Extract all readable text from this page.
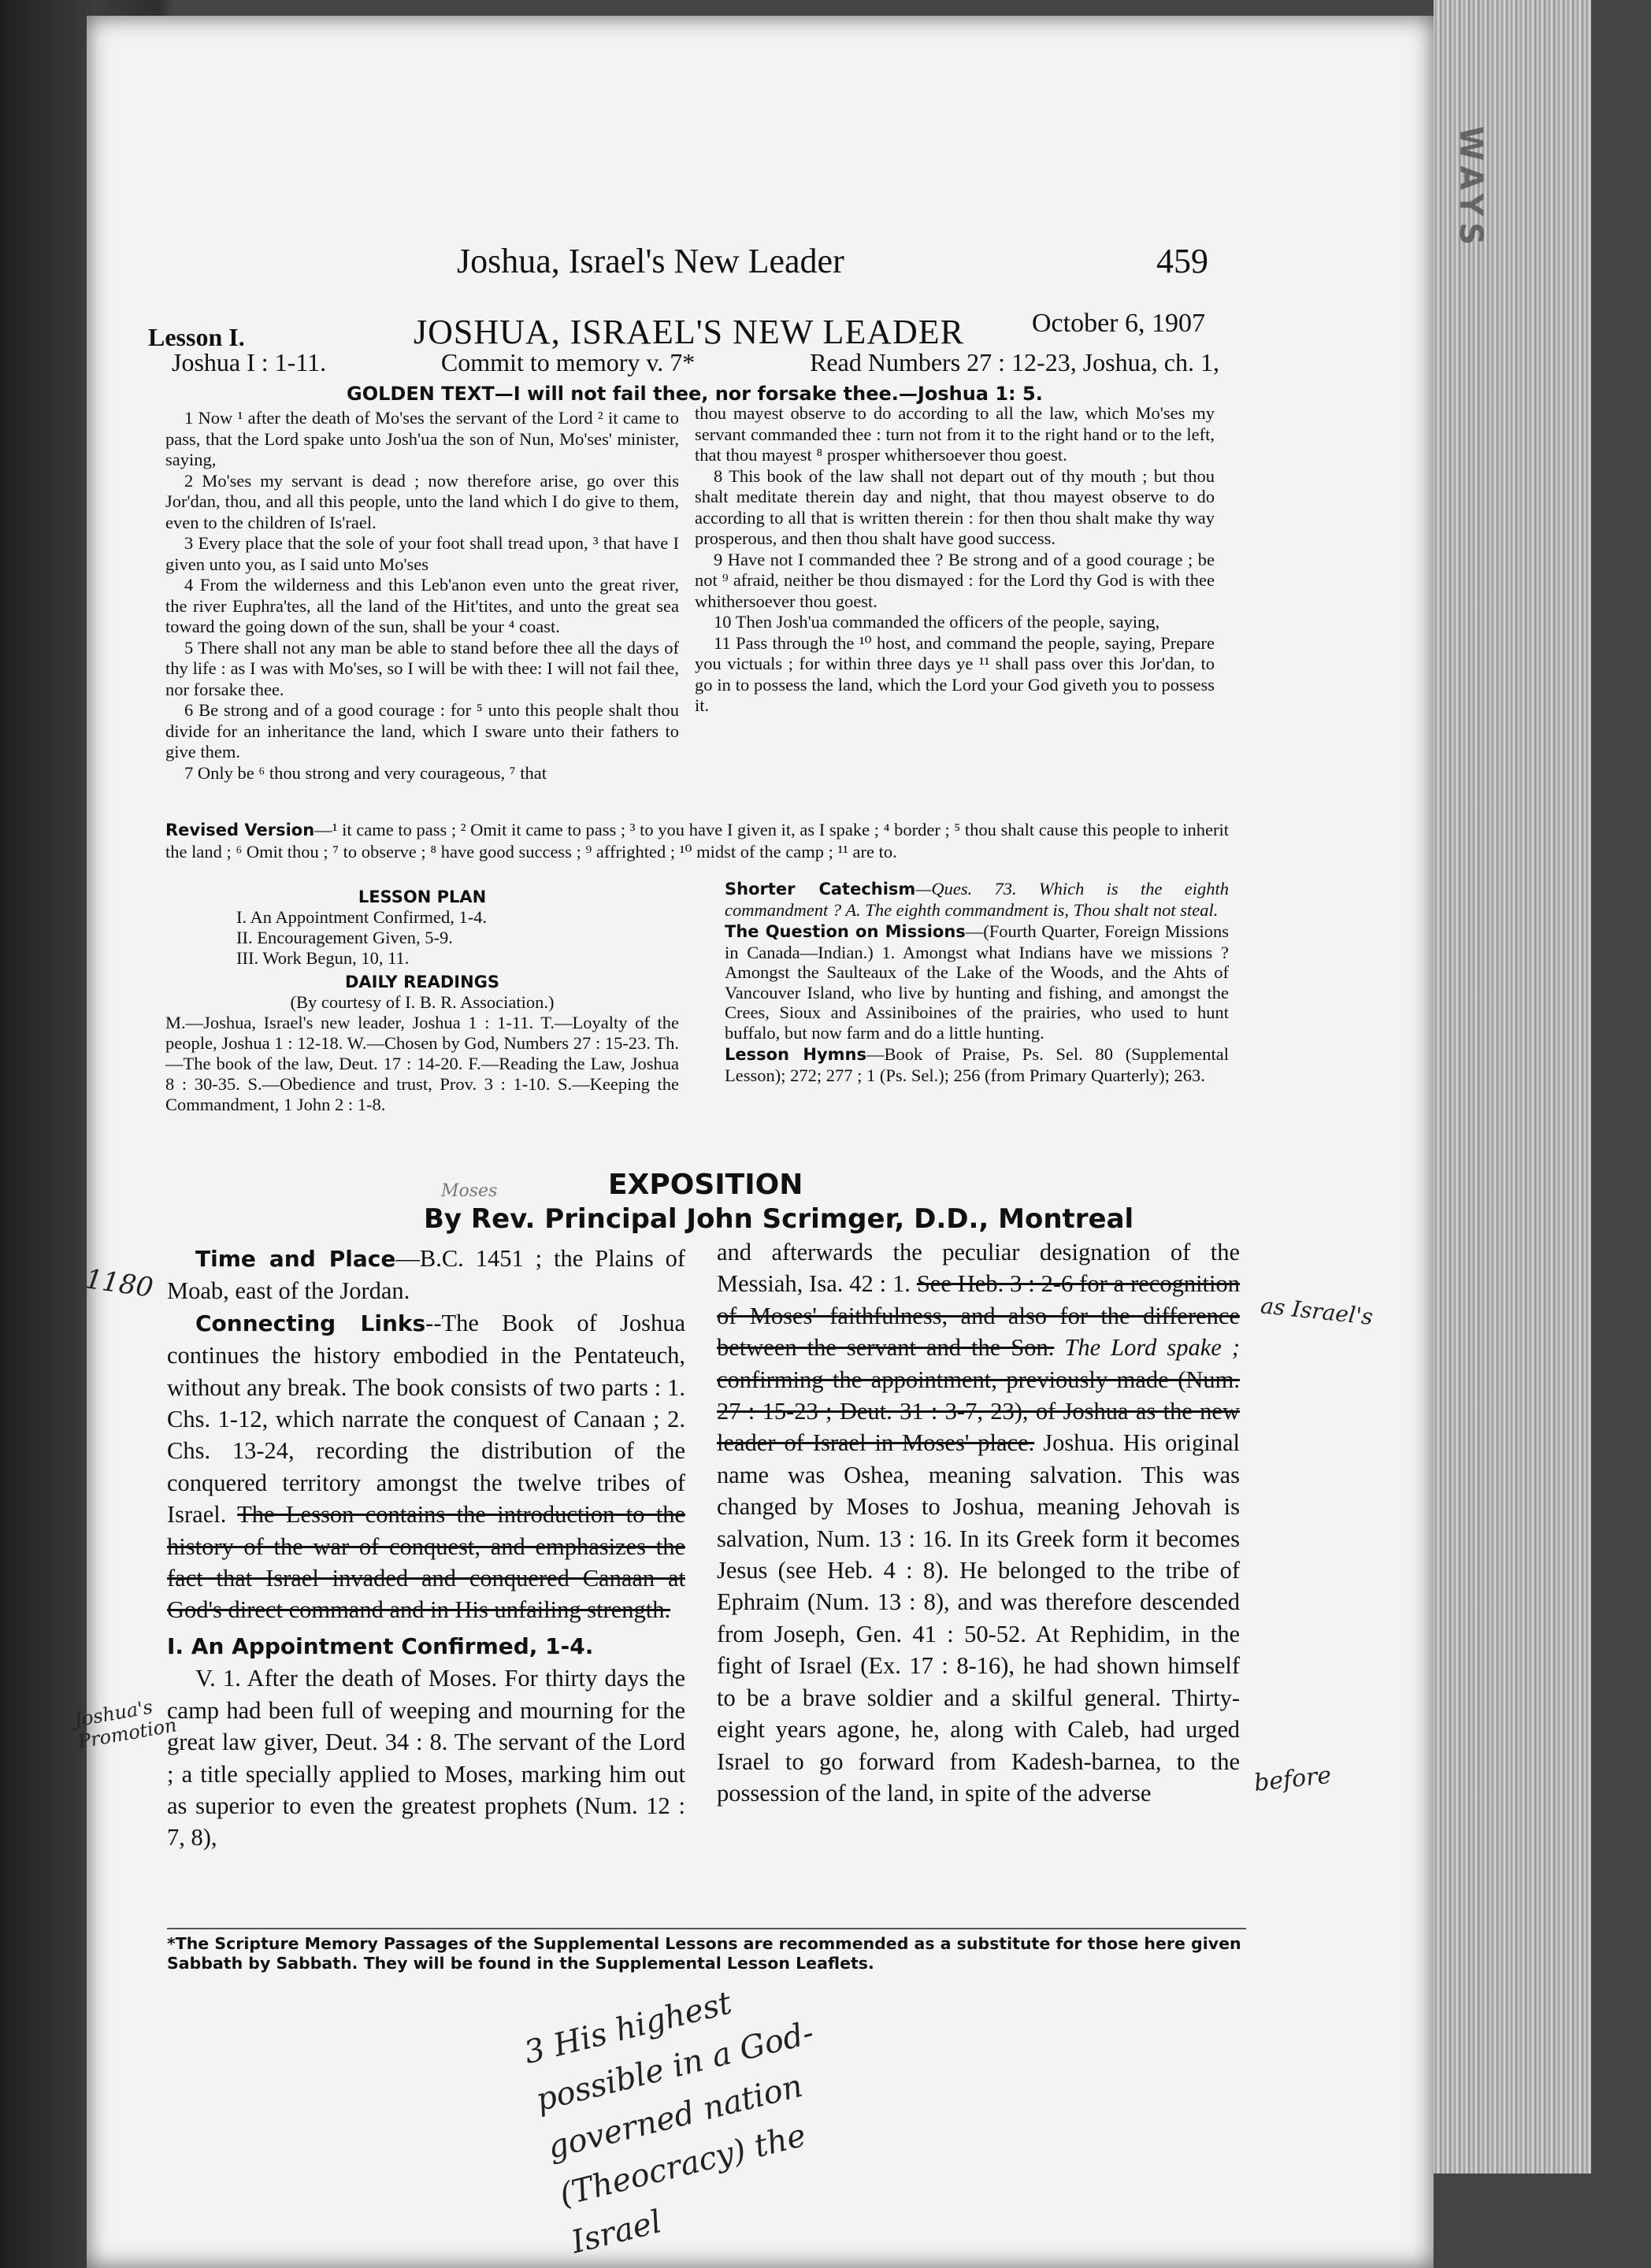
WAYS
Joshua, Israel's New Leader	459
Lesson I.	JOSHUA, ISRAEL'S NEW LEADER	October 6, 1907
Joshua I : 1-11.	Commit to memory v. 7*	Read Numbers 27 : 12-23, Joshua, ch. 1,
GOLDEN TEXT—I will not fail thee, nor forsake thee.—Joshua 1: 5.

1 Now ¹ after the death of Mo'ses the servant of the Lord ² it came to pass, that the Lord spake unto Josh'ua the son of Nun, Mo'ses' minister, saying,

2 Mo'ses my servant is dead ; now therefore arise, go over this Jor'dan, thou, and all this people, unto the land which I do give to them, even to the children of Is'rael.

3 Every place that the sole of your foot shall tread upon, ³ that have I given unto you, as I said unto Mo'ses

4 From the wilderness and this Leb'anon even unto the great river, the river Euphra'tes, all the land of the Hit'tites, and unto the great sea toward the going down of the sun, shall be your ⁴ coast.

5 There shall not any man be able to stand before thee all the days of thy life : as I was with Mo'ses, so I will be with thee: I will not fail thee, nor forsake thee.

6 Be strong and of a good courage : for ⁵ unto this people shalt thou divide for an inheritance the land, which I sware unto their fathers to give them.

7 Only be ⁶ thou strong and very courageous, ⁷ that

thou mayest observe to do according to all the law, which Mo'ses my servant commanded thee : turn not from it to the right hand or to the left, that thou mayest ⁸ prosper whithersoever thou goest.

8 This book of the law shall not depart out of thy mouth ; but thou shalt meditate therein day and night, that thou mayest observe to do according to all that is written therein : for then thou shalt make thy way prosperous, and then thou shalt have good success.

9 Have not I commanded thee ? Be strong and of a good courage ; be not ⁹ afraid, neither be thou dismayed : for the Lord thy God is with thee whithersoever thou goest.

10 Then Josh'ua commanded the officers of the people, saying,

11 Pass through the ¹⁰ host, and command the people, saying, Prepare you victuals ; for within three days ye ¹¹ shall pass over this Jor'dan, to go in to possess the land, which the Lord your God giveth you to possess it.

Revised Version—¹ it came to pass ; ² Omit it came to pass ; ³ to you have I given it, as I spake ; ⁴ border ; ⁵ thou shalt cause this people to inherit the land ; ⁶ Omit thou ; ⁷ to observe ; ⁸ have good success ; ⁹ affrighted ; ¹⁰ midst of the camp ; ¹¹ are to.
LESSON PLAN
I. An Appointment Confirmed, 1-4.
II. Encouragement Given, 5-9.
III. Work Begun, 10, 11.
DAILY READINGS
(By courtesy of I. B. R. Association.)
M.—Joshua, Israel's new leader, Joshua 1 : 1-11. T.—Loyalty of the people, Joshua 1 : 12-18. W.—Chosen by God, Numbers 27 : 15-23. Th.—The book of the law, Deut. 17 : 14-20. F.—Reading the Law, Joshua 8 : 30-35. S.—Obedience and trust, Prov. 3 : 1-10. S.—Keeping the Commandment, 1 John 2 : 1-8.

Shorter Catechism—Ques. 73. Which is the eighth commandment ? A. The eighth commandment is, Thou shalt not steal.

The Question on Missions—(Fourth Quarter, Foreign Missions in Canada—Indian.) 1. Amongst what Indians have we missions ? Amongst the Saulteaux of the Lake of the Woods, and the Ahts of Vancouver Island, who live by hunting and fishing, and amongst the Crees, Sioux and Assiniboines of the prairies, who used to hunt buffalo, but now farm and do a little hunting.

Lesson Hymns—Book of Praise, Ps. Sel. 80 (Supplemental Lesson); 272; 277 ; 1 (Ps. Sel.); 256 (from Primary Quarterly); 263.

EXPOSITION
By Rev. Principal John Scrimger, D.D., Montreal

Time and Place—B.C. 1451 ; the Plains of Moab, east of the Jordan.

Connecting Links--The Book of Joshua continues the history embodied in the Pentateuch, without any break. The book consists of two parts : 1. Chs. 1-12, which narrate the conquest of Canaan ; 2. Chs. 13-24, recording the distribution of the conquered territory amongst the twelve tribes of Israel. The Lesson contains the introduction to the history of the war of conquest, and emphasizes the fact that Israel invaded and conquered Canaan at God's direct command and in His unfailing strength.

I. An Appointment Confirmed, 1-4.

V. 1. After the death of Moses. For thirty days the camp had been full of weeping and mourning for the great law giver, Deut. 34 : 8. The servant of the Lord ; a title specially applied to Moses, marking him out as superior to even the greatest prophets (Num. 12 : 7, 8),

and afterwards the peculiar designation of the Messiah, Isa. 42 : 1. See Heb. 3 : 2-6 for a recognition of Moses' faithfulness, and also for the difference between the servant and the Son. The Lord spake ; confirming the appointment, previously made (Num. 27 : 15-23 ; Deut. 31 : 3-7, 23), of Joshua as the new leader of Israel in Moses' place. Joshua. His original name was Oshea, meaning salvation. This was changed by Moses to Joshua, meaning Jehovah is salvation, Num. 13 : 16. In its Greek form it becomes Jesus (see Heb. 4 : 8). He belonged to the tribe of Ephraim (Num. 13 : 8), and was therefore descended from Joseph, Gen. 41 : 50-52. At Rephidim, in the fight of Israel (Ex. 17 : 8-16), he had shown himself to be a brave soldier and a skilful general. Thirty-eight years agone, he, along with Caleb, had urged Israel to go forward from Kadesh-barnea, to the possession of the land, in spite of the adverse

*The Scripture Memory Passages of the Supplemental Lessons are recommended as a substitute for those here given Sabbath by Sabbath. They will be found in the Supplemental Lesson Leaflets.
1180
Joshua's Promotion
as Israel's
before
Moses
3 His highest possible in a God-governed nation (Theocracy) the Israel
